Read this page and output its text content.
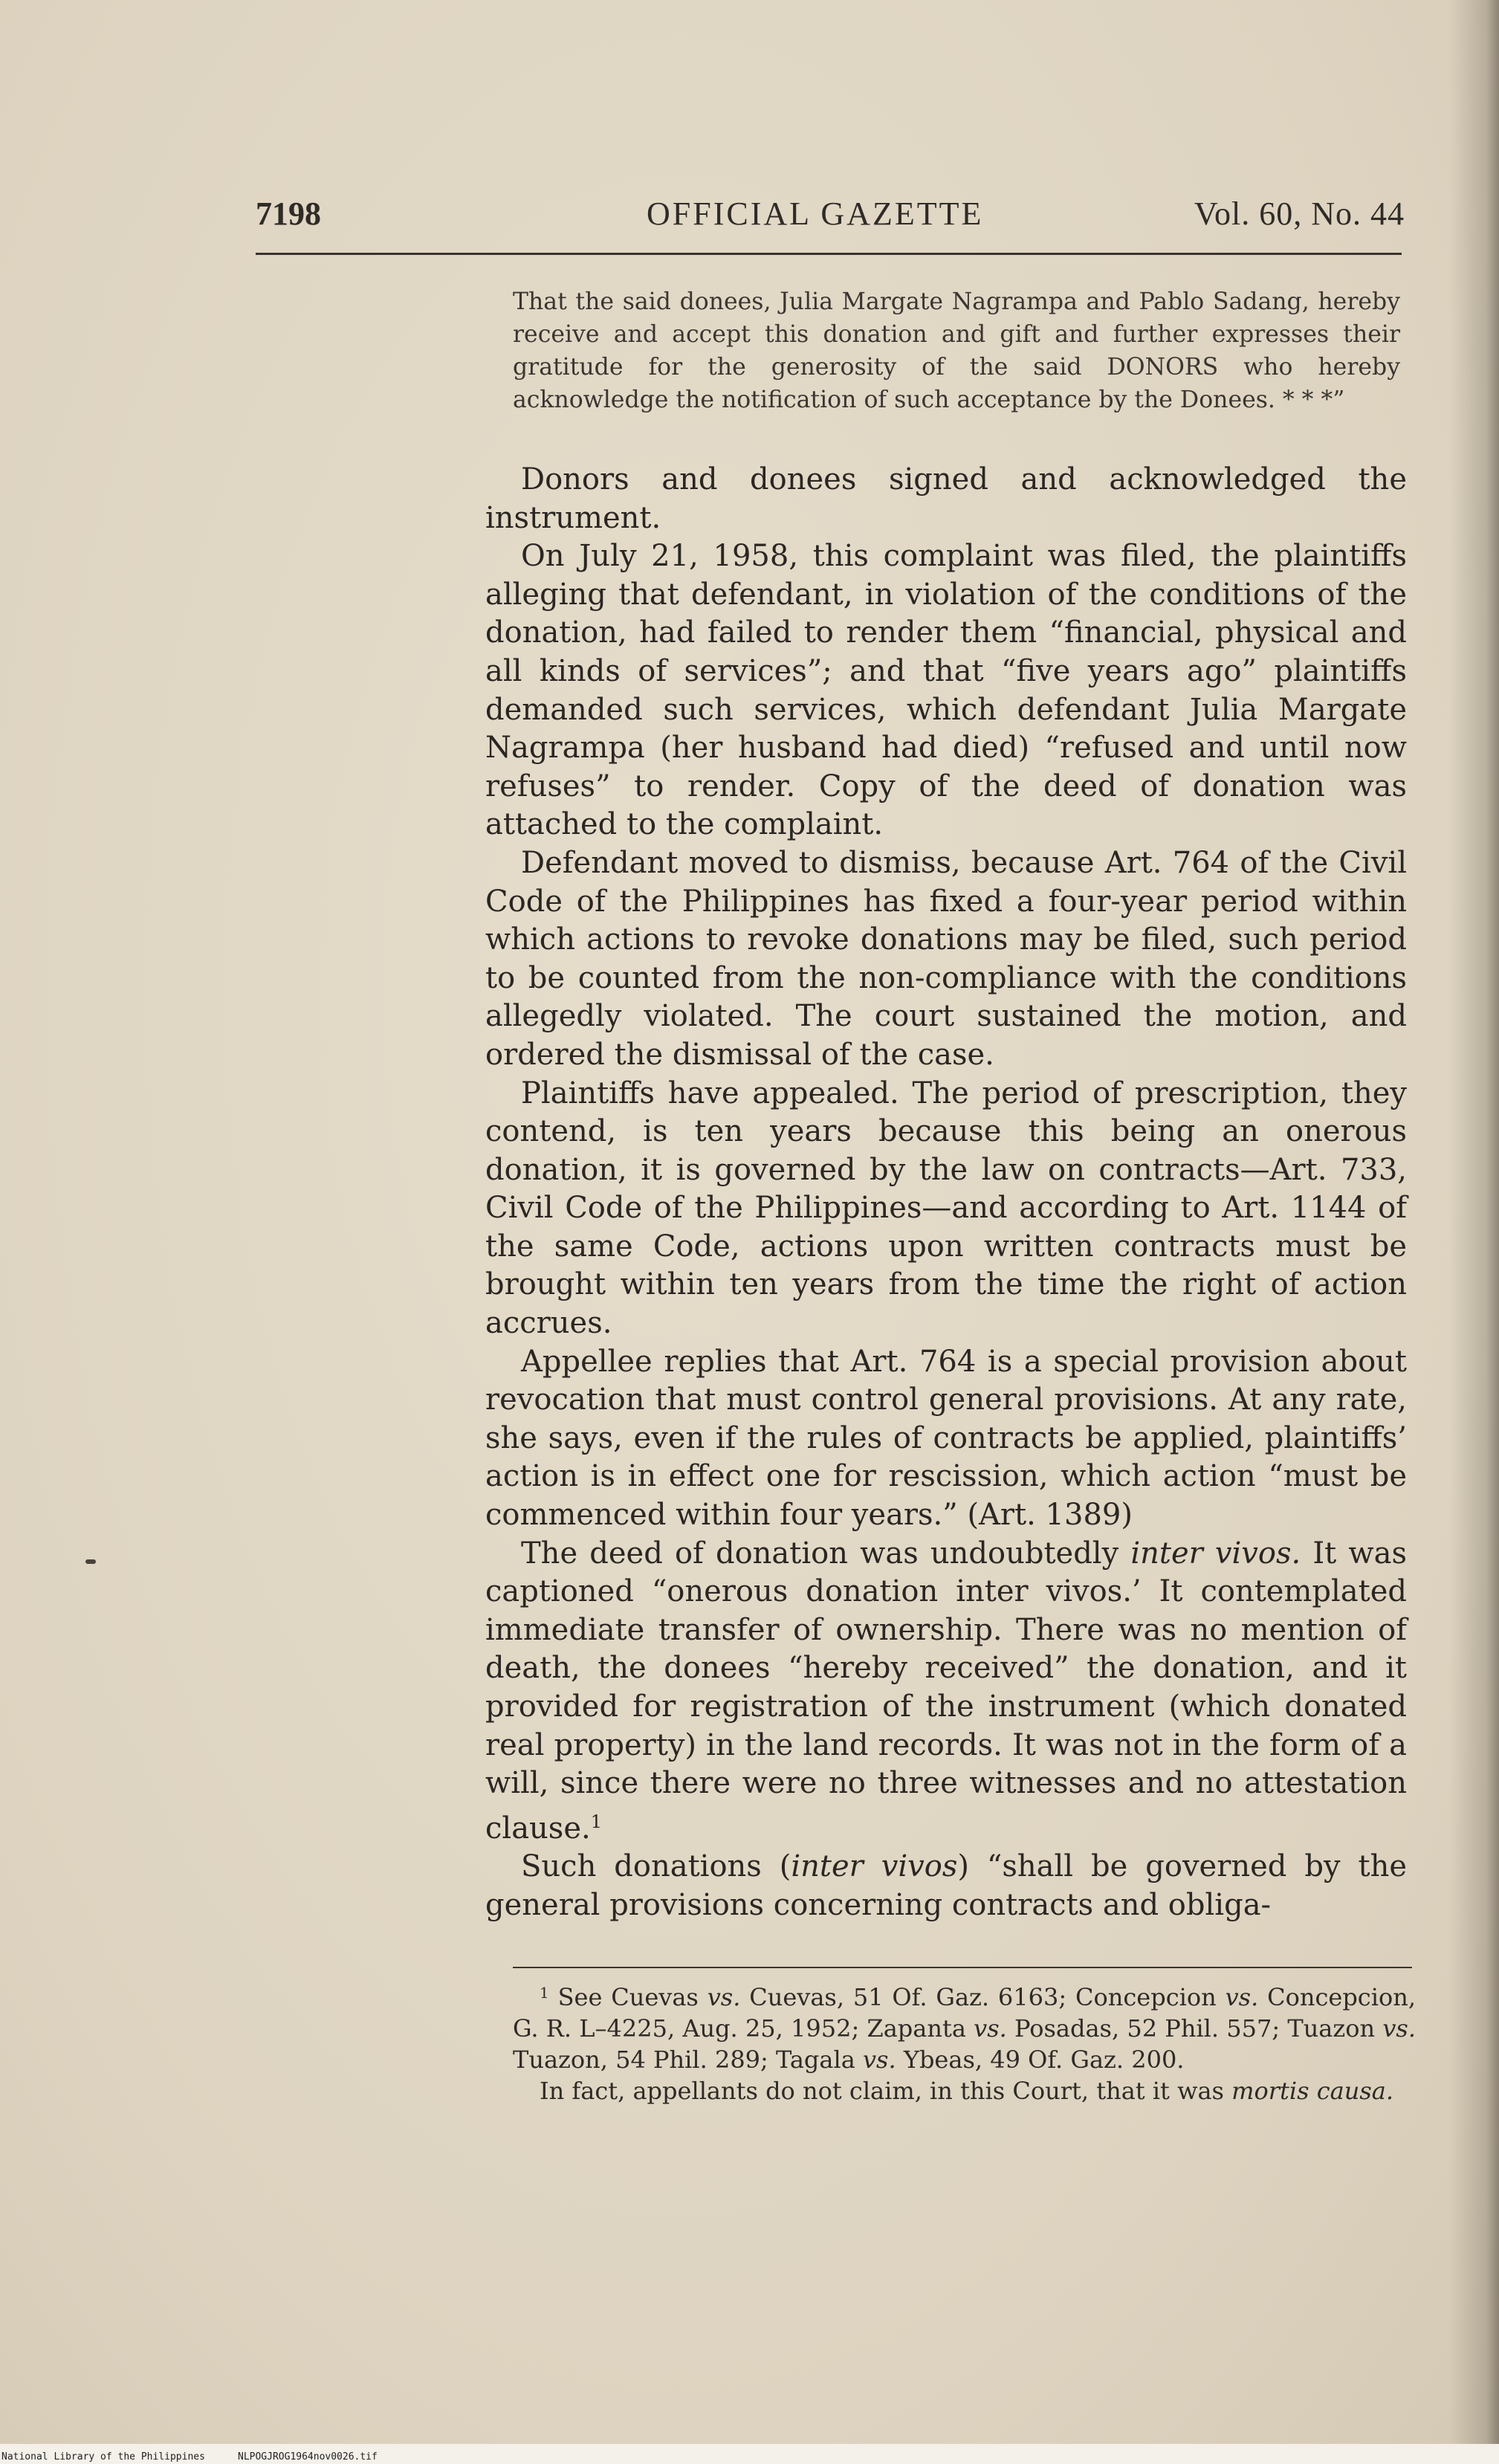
7198	OFFICIAL GAZETTE	Vol. 60, No. 44
That the said donees, Julia Margate Nagrampa and Pablo Sadang, hereby receive and accept this donation and gift and further expresses their gratitude for the generosity of the said DONORS who hereby acknowledge the notification of such acceptance by the Donees. * * *”

Donors and donees signed and acknowledged the instrument.

On July 21, 1958, this complaint was filed, the plaintiffs alleging that defendant, in violation of the conditions of the donation, had failed to render them “financial, physical and all kinds of services”; and that “five years ago” plaintiffs demanded such services, which defendant Julia Margate Nagrampa (her husband had died) “refused and until now refuses” to render. Copy of the deed of donation was attached to the complaint.

Defendant moved to dismiss, because Art. 764 of the Civil Code of the Philippines has fixed a four-year period within which actions to revoke donations may be filed, such period to be counted from the non-compliance with the conditions allegedly violated. The court sustained the motion, and ordered the dismissal of the case.

Plaintiffs have appealed. The period of prescription, they contend, is ten years because this being an onerous donation, it is governed by the law on contracts—Art. 733, Civil Code of the Philippines—and according to Art. 1144 of the same Code, actions upon written contracts must be brought within ten years from the time the right of action accrues.

Appellee replies that Art. 764 is a special provision about revocation that must control general provisions. At any rate, she says, even if the rules of contracts be applied, plaintiffs’ action is in effect one for rescission, which action “must be commenced within four years.” (Art. 1389)

The deed of donation was undoubtedly inter vivos. It was captioned “onerous donation inter vivos.’ It contemplated immediate transfer of ownership. There was no mention of death, the donees “hereby received” the donation, and it provided for registration of the instrument (which donated real property) in the land records. It was not in the form of a will, since there were no three witnesses and no attestation clause.$^1$

Such donations (inter vivos) “shall be governed by the general provisions concerning contracts and obliga-

$^1$ See Cuevas vs. Cuevas, 51 Of. Gaz. 6163; Concepcion vs. Concepcion, G. R. L–4225, Aug. 25, 1952; Zapanta vs. Posadas, 52 Phil. 557; Tuazon vs. Tuazon, 54 Phil. 289; Tagala vs. Ybeas, 49 Of. Gaz. 200.

In fact, appellants do not claim, in this Court, that it was mortis causa.

National Library of the Philippines	NLPOGJROG1964nov0026.tif
